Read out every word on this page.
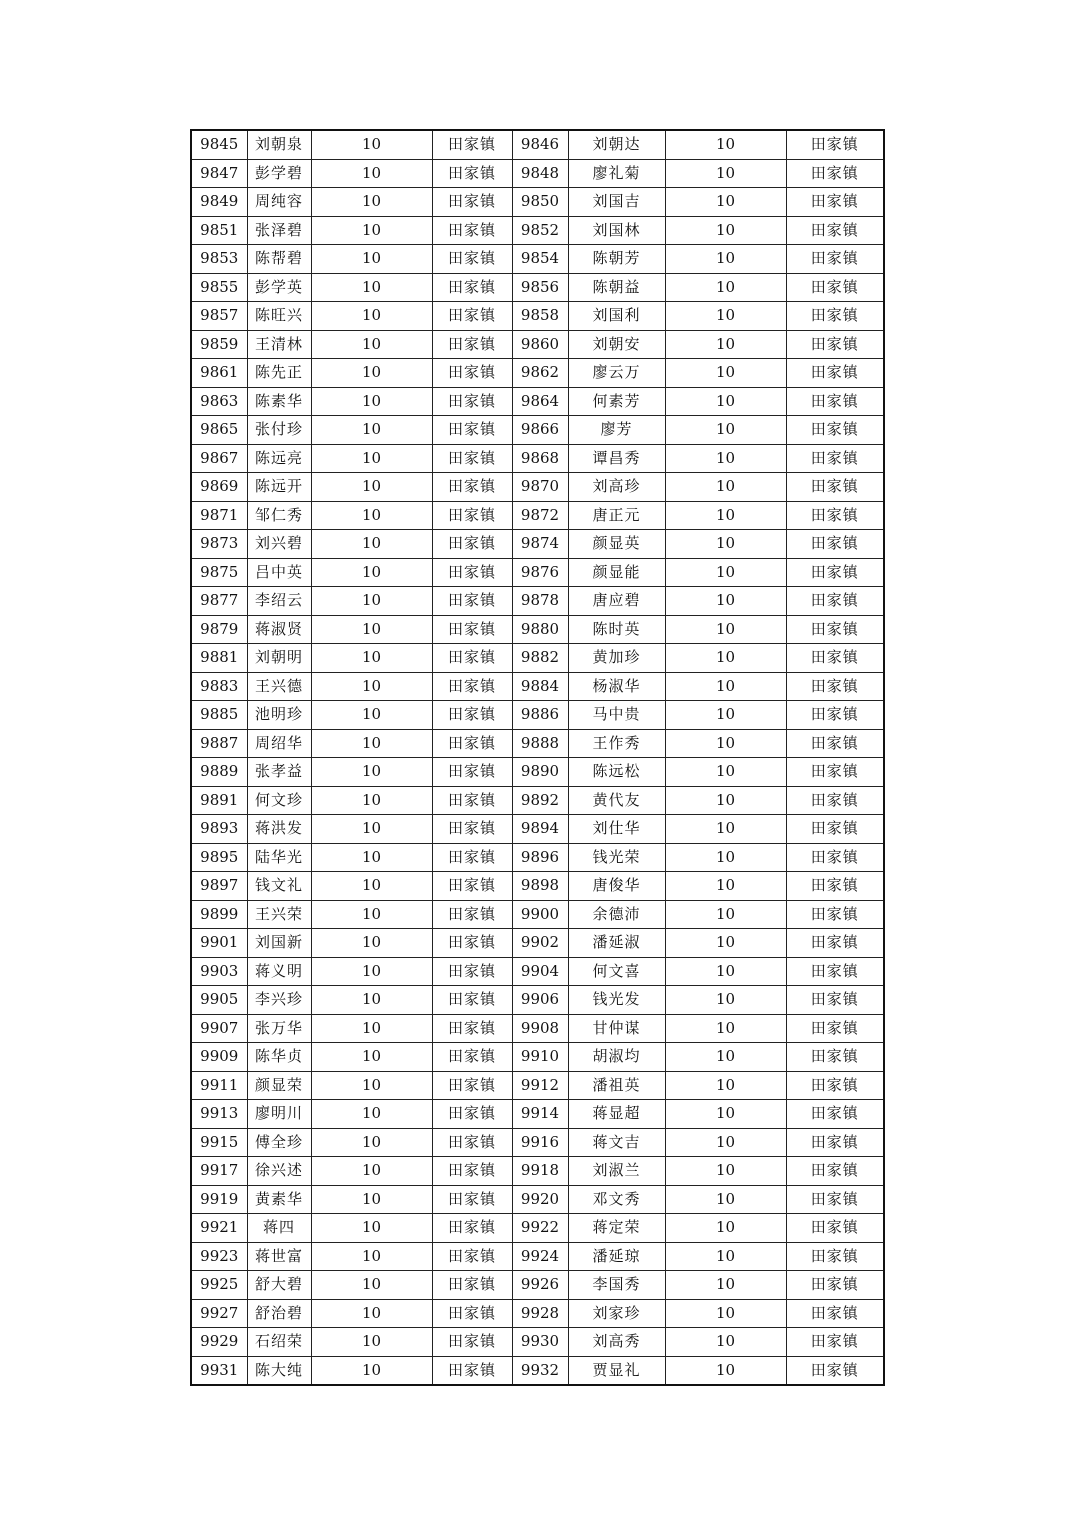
9845	刘朝泉	10	田家镇	9846	刘朝达	10	田家镇
9847	彭学碧	10	田家镇	9848	廖礼菊	10	田家镇
9849	周纯容	10	田家镇	9850	刘国吉	10	田家镇
9851	张泽碧	10	田家镇	9852	刘国林	10	田家镇
9853	陈帮碧	10	田家镇	9854	陈朝芳	10	田家镇
9855	彭学英	10	田家镇	9856	陈朝益	10	田家镇
9857	陈旺兴	10	田家镇	9858	刘国利	10	田家镇
9859	王清林	10	田家镇	9860	刘朝安	10	田家镇
9861	陈先正	10	田家镇	9862	廖云万	10	田家镇
9863	陈素华	10	田家镇	9864	何素芳	10	田家镇
9865	张付珍	10	田家镇	9866	廖芳	10	田家镇
9867	陈远亮	10	田家镇	9868	谭昌秀	10	田家镇
9869	陈远开	10	田家镇	9870	刘高珍	10	田家镇
9871	邹仁秀	10	田家镇	9872	唐正元	10	田家镇
9873	刘兴碧	10	田家镇	9874	颜显英	10	田家镇
9875	吕中英	10	田家镇	9876	颜显能	10	田家镇
9877	李绍云	10	田家镇	9878	唐应碧	10	田家镇
9879	蒋淑贤	10	田家镇	9880	陈时英	10	田家镇
9881	刘朝明	10	田家镇	9882	黄加珍	10	田家镇
9883	王兴德	10	田家镇	9884	杨淑华	10	田家镇
9885	池明珍	10	田家镇	9886	马中贵	10	田家镇
9887	周绍华	10	田家镇	9888	王作秀	10	田家镇
9889	张孝益	10	田家镇	9890	陈远松	10	田家镇
9891	何文珍	10	田家镇	9892	黄代友	10	田家镇
9893	蒋洪发	10	田家镇	9894	刘仕华	10	田家镇
9895	陆华光	10	田家镇	9896	钱光荣	10	田家镇
9897	钱文礼	10	田家镇	9898	唐俊华	10	田家镇
9899	王兴荣	10	田家镇	9900	余德沛	10	田家镇
9901	刘国新	10	田家镇	9902	潘延淑	10	田家镇
9903	蒋义明	10	田家镇	9904	何文喜	10	田家镇
9905	李兴珍	10	田家镇	9906	钱光发	10	田家镇
9907	张万华	10	田家镇	9908	甘仲谋	10	田家镇
9909	陈华贞	10	田家镇	9910	胡淑均	10	田家镇
9911	颜显荣	10	田家镇	9912	潘祖英	10	田家镇
9913	廖明川	10	田家镇	9914	蒋显超	10	田家镇
9915	傅全珍	10	田家镇	9916	蒋文吉	10	田家镇
9917	徐兴述	10	田家镇	9918	刘淑兰	10	田家镇
9919	黄素华	10	田家镇	9920	邓文秀	10	田家镇
9921	蒋四	10	田家镇	9922	蒋定荣	10	田家镇
9923	蒋世富	10	田家镇	9924	潘延琼	10	田家镇
9925	舒大碧	10	田家镇	9926	李国秀	10	田家镇
9927	舒治碧	10	田家镇	9928	刘家珍	10	田家镇
9929	石绍荣	10	田家镇	9930	刘高秀	10	田家镇
9931	陈大纯	10	田家镇	9932	贾显礼	10	田家镇
